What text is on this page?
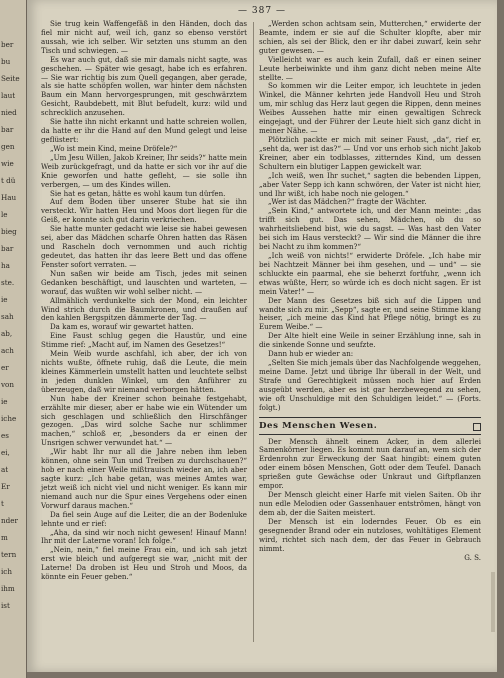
ber
bu
Seite
laut
nied
bar
gen
wie
t dü
Hau
le
bieg
bar
ha
ste.
ie
sah
ab,
ach
er
von
ie
iche
es
ei,
at
Er
t
nder
m
tern
ich
ihm
ist
— 387 —

Sie trug kein Waffengefäß in den Händen, doch das fiel mir nicht auf, weil ich, ganz so ebenso verstört aussah, wie ich selber. Wir setzten uns stumm an den Tisch und schwiegen. —

Es war auch gut, daß sie mir damals nicht sagte, was geschehen. — Später wie gesagt, habe ich es erfahren. — Sie war richtig bis zum Quell gegangen, aber gerade, als sie hatte schöpfen wollen, war hinter dem nächsten Baum ein Mann hervorgesprungen, mit geschwärztem Gesicht, Raubdebett, mit Blut befudelt, kurz: wild und schrecklich anzusehen.

Sie hatte ihn nicht erkannt und hatte schreien wollen, da hatte er ihr die Hand auf den Mund gelegt und leise geflüstert:

„Wo ist mein Kind, meine Dröfele?“

„Um Jesu Willen, Jakob Kreiner, Ihr seids?“ hatte mein Weib zurückgefragt, und da hatte er sich vor ihr auf die Knie geworfen und hatte gefleht, — sie solle ihn verbergen, — um des Kindes willen.

Sie hat es getan, hätte es wohl kaum tun dürfen.

Auf dem Boden über unserer Stube hat sie ihn versteckt. Wir hatten Heu und Moos dort liegen für die Geiß, er konnte sich gut darin verkriechen.

Sie hatte munter gedacht wie leise sie habei gewesen sei, aber das Mädchen scharfe Ohren hatten das Räsen und Rascheln doch vernommen und auch richtig gedeutet, das hatten ihr das leere Bett und das offene Fenster sofort verraten. —

Nun saßen wir beide am Tisch, jedes mit seinen Gedanken beschäftigt, und lauschten und warteten, — worauf, das wußten wir wohl selber nicht. —

Allmählich verdunkelte sich der Mond, ein leichter Wind strich durch die Baumkronen, und draußen auf den kahlen Bergspitzen dämmerte der Tag. —

Da kam es, worauf wir gewartet hatten.

Eine Faust schlug gegen die Haustür, und eine Stimme rief: „Macht auf, im Namen des Gesetzes!“

Mein Weib wurde aschfahl, ich aber, der ich von nichts wußte, öffnete ruhig, daß die Leute, die mein kleines Kämmerlein umstellt hatten und leuchtete selbst in jeden dunklen Winkel, um den Anführer zu überzeugen, daß wir niemand verborgen hätten.

Nun habe der Kreiner schon beinahe festgehabt, erzählte mir dieser, aber er habe wie ein Wütender um sich geschlagen und schließlich den Hirschfänger gezogen. „Das wird solche Sache nur schlimmer machen,“ schloß er, „besonders da er einen der Unsrigen schwer verwundet hat.“ —

„Wir habt Ihr nur all die Jahre neben ihm leben können, ohne sein Tun und Treiben zu durchschauen?“ hob er nach einer Weile mißtrauisch wieder an, ich aber sagte kurz: „Ich habe getan, was meines Amtes war, jetzt weiß ich nicht viel und nicht weniger. Es kann mir niemand auch nur die Spur eines Vergehens oder einen Vorwurf daraus machen.“

Da fiel sein Auge auf die Leiter, die an der Bodenluke lehnte und er rief:

„Aha, da sind wir noch nicht gewesen! Hinauf Mann! Ihr mit der Laterne voran! Ich folge.“

„Nein, nein,“ fiel meine Frau ein, und ich sah jetzt erst wie bleich und aufgeregt sie war, „nicht mit der Laterne! Da droben ist Heu und Stroh und Moos, da könnte ein Feuer geben.“

„Werden schon achtsam sein, Mutterchen,“ erwiderte der Beamte, indem er sie auf die Schulter klopfte, aber mir schien, als sei der Blick, den er ihr dabei zuwarf, kein sehr guter gewesen. —

Vielleicht war es auch kein Zufall, daß er einen seiner Leute herbeiwinkte und ihm ganz dicht neben meine Alte stellte. —

So kommen wir die Leiter empor, ich leuchtete in jeden Winkel, die Männer kehrten jede Handvoll Heu und Stroh um, mir schlug das Herz laut gegen die Rippen, denn meines Weibes Aussehen hatte mir einen gewaltigen Schreck eingejagt, und der Führer der Leute hielt sich ganz dicht in meiner Nähe. —

Plötzlich packte er mich mit seiner Faust, „da“, rief er, „seht da, wer ist das?“ — Und vor uns erhob sich nicht Jakob Kreiner, aber ein todblasses, zitterndes Kind, um dessen Schultern ein blutiger Lappen gewickelt war.

„Ich weiß, wen Ihr suchet,“ sagten die bebenden Lippen, „aber Vater Sepp ich kann schwören, der Vater ist nicht hier, und Ihr wißt, ich habe noch nie gelogen.“

„Wer ist das Mädchen?“ fragte der Wächter.

„Sein Kind,“ antwortete ich, und der Mann meinte: „das trifft sich gut. Das sehen, Mädchen, ob du so wahrheitsliebend bist, wie du sagst. — Was hast den Vater bei sich im Haus versteckt? — Wir sind die Männer die ihre bei Nacht zu ihm kommen?“

„Ich weiß von nichts!“ erwiderte Dröfele. „Ich habe mir bei Nachtzeit Männer bei ihm gesehen, und — und“ — sie schluckte ein paarmal, ehe sie beherzt fortfuhr, „wenn ich etwas wüßte, Herr, so würde ich es doch nicht sagen. Er ist mein Vater!“ —

Der Mann des Gesetzes biß sich auf die Lippen und wandte sich zu mir. „Sepp“, sagte er, und seine Stimme klang heiser, „ich meine das Kind hat Pflege nötig, bringt es zu Eurem Weibe.“ —

Der Alte hielt eine Weile in seiner Erzählung inne, sah in die sinkende Sonne und seufzte.

Dann hub er wieder an:

„Selten Sie mich jemals über das Nachfolgende weggehen, meine Dame. Jetzt und übrige Ihr überall in der Welt, und Strafe und Gerechtigkeit müssen noch hier auf Erden ausgeübt werden, aber es ist gar herzbewegend zu sehen, wie oft Unschuldige mit den Schuldigen leidet.“ — (Forts. folgt.)

Des Menschen Wesen.

Der Mensch ähnelt einem Acker, in dem allerlei Samenkörner liegen. Es kommt nun darauf an, wem sich der Erdenrohn zur Erweckung der Saat hingibt: einem guten oder einem bösen Menschen, Gott oder dem Teufel. Danach sprießen gute Gewächse oder Unkraut und Giftpflanzen empor.

Der Mensch gleicht einer Harfe mit vielen Saiten. Ob ihr nun edle Melodien oder Gassenhauer entströmen, hängt von dem ab, der die Saiten meistert.

Der Mensch ist ein loderndes Feuer. Ob es ein gesegnender Brand oder ein nutzloses, wohltätiges Element wird, richtet sich nach dem, der das Feuer in Gebrauch nimmt.

G. S.
